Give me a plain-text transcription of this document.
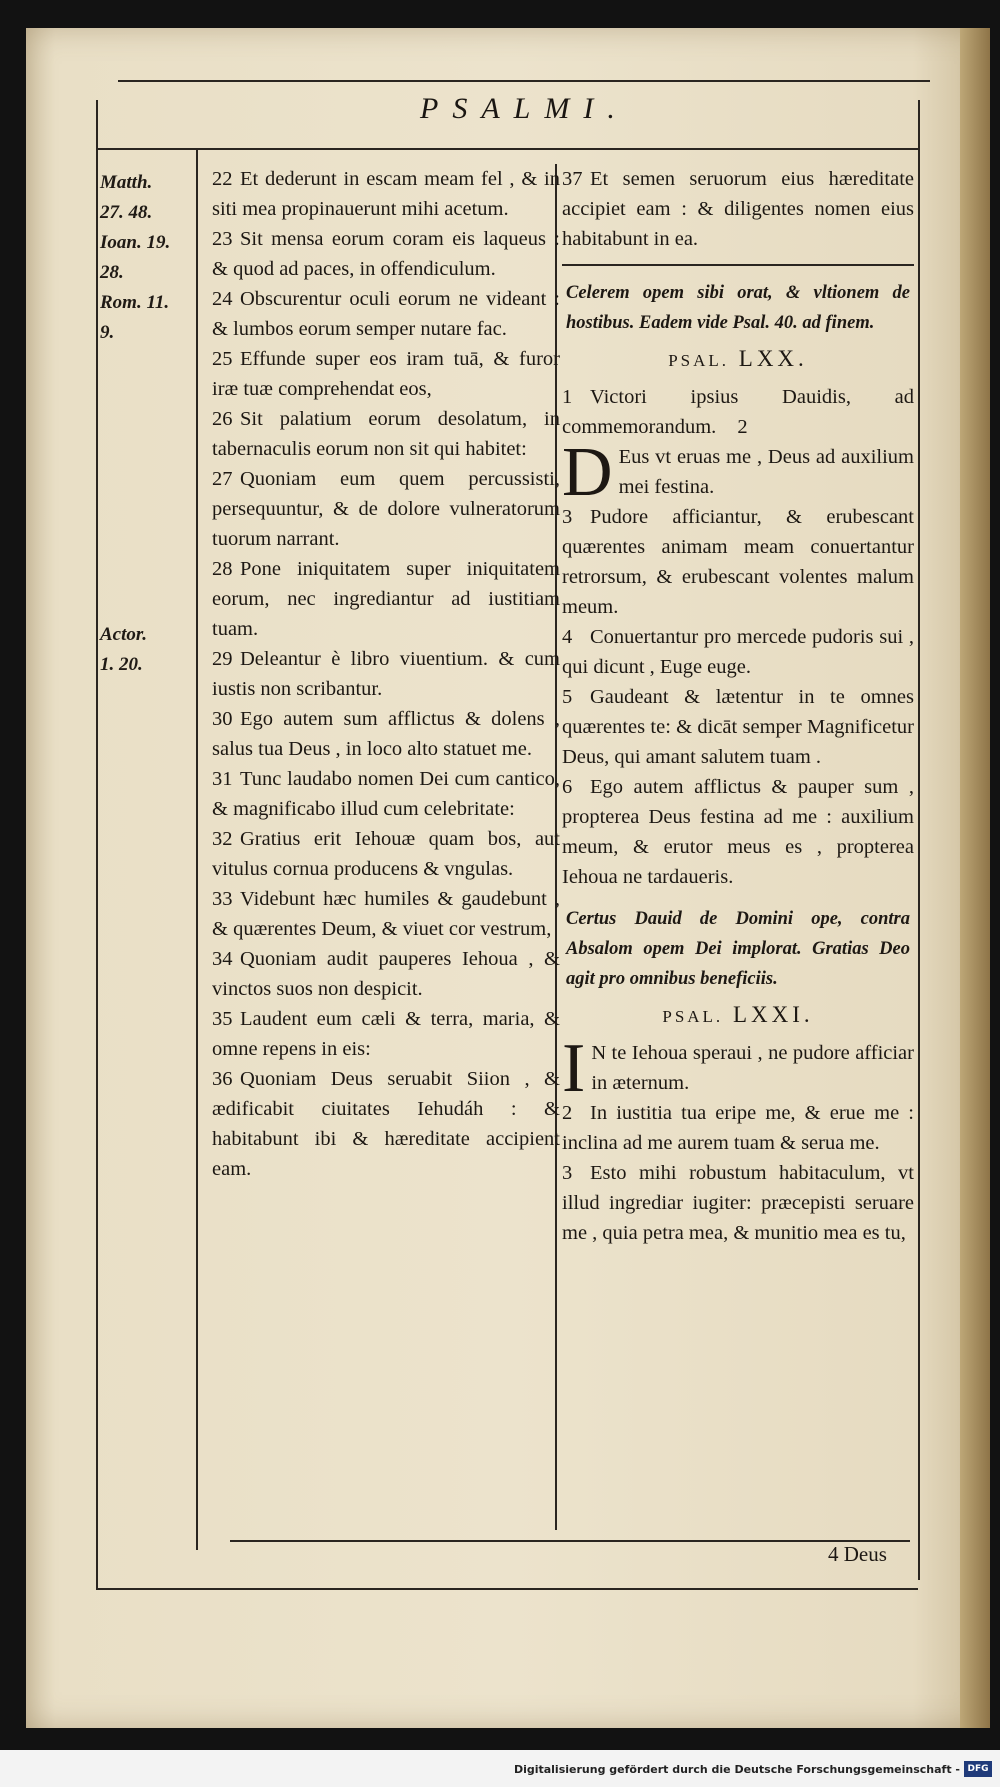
PSALMI.
Matth.
27. 48.
Ioan. 19.
28.
Rom. 11.
9.
Actor.
1. 20.

22 Et dederunt in escam meam fel , & in siti mea propinauerunt mihi acetum.

23 Sit mensa eorum coram eis laqueus : & quod ad paces, in offendiculum.

24 Obscurentur oculi eorum ne videant : & lumbos eorum semper nutare fac.

25 Effunde super eos iram tuā, & furor iræ tuæ comprehendat eos,

26 Sit palatium eorum desolatum, in tabernaculis eorum non sit qui habitet:

27 Quoniam eum quem percussisti, persequuntur, & de dolore vulneratorum tuorum narrant.

28 Pone iniquitatem super iniquitatem eorum, nec ingrediantur ad iustitiam tuam.

29 Deleantur è libro viuentium. & cum iustis non scribantur.

30 Ego autem sum afflictus & dolens , salus tua Deus , in loco alto statuet me.

31 Tunc laudabo nomen Dei cum cantico, & magnificabo illud cum celebritate:

32 Gratius erit Iehouæ quam bos, aut vitulus cornua producens & vngulas.

33 Videbunt hæc humiles & gaudebunt , & quærentes Deum, & viuet cor vestrum,

34 Quoniam audit pauperes Iehoua , & vinctos suos non despicit.

35 Laudent eum cæli & terra, maria, & omne repens in eis:

36 Quoniam Deus seruabit Siion , & ædificabit ciuitates Iehudáh : & habitabunt ibi & hæreditate accipient eam.

37 Et semen seruorum eius hæreditate accipiet eam : & diligentes nomen eius habitabunt in ea.

Celerem opem sibi orat, & vltionem de hostibus. Eadem vide Psal. 40. ad finem.

PSAL. LXX.

1 Victori ipsius Dauidis, ad commemorandum. 2

D Eus vt eruas me , Deus ad auxilium mei festina.

3 Pudore afficiantur, & erubescant quærentes animam meam conuertantur retrorsum, & erubescant volentes malum meum.

4 Conuertantur pro mercede pudoris sui , qui dicunt , Euge euge.

5 Gaudeant & lætentur in te omnes quærentes te: & dicāt semper Magnificetur Deus, qui amant salutem tuam .

6 Ego autem afflictus & pauper sum , propterea Deus festina ad me : auxilium meum, & erutor meus es , propterea Iehoua ne tardaueris.

Certus Dauid de Domini ope, contra Absalom opem Dei implorat. Gratias Deo agit pro omnibus beneficiis.

PSAL. LXXI.

I N te Iehoua speraui , ne pudore afficiar in æternum.

2 In iustitia tua eripe me, & erue me : inclina ad me aurem tuam & serua me.

3 Esto mihi robustum habitaculum, vt illud ingrediar iugiter: præcepisti seruare me , quia petra mea, & munitio mea es tu,

4 Deus
Digitalisierung gefördert durch die Deutsche Forschungsgemeinschaft - DFG
